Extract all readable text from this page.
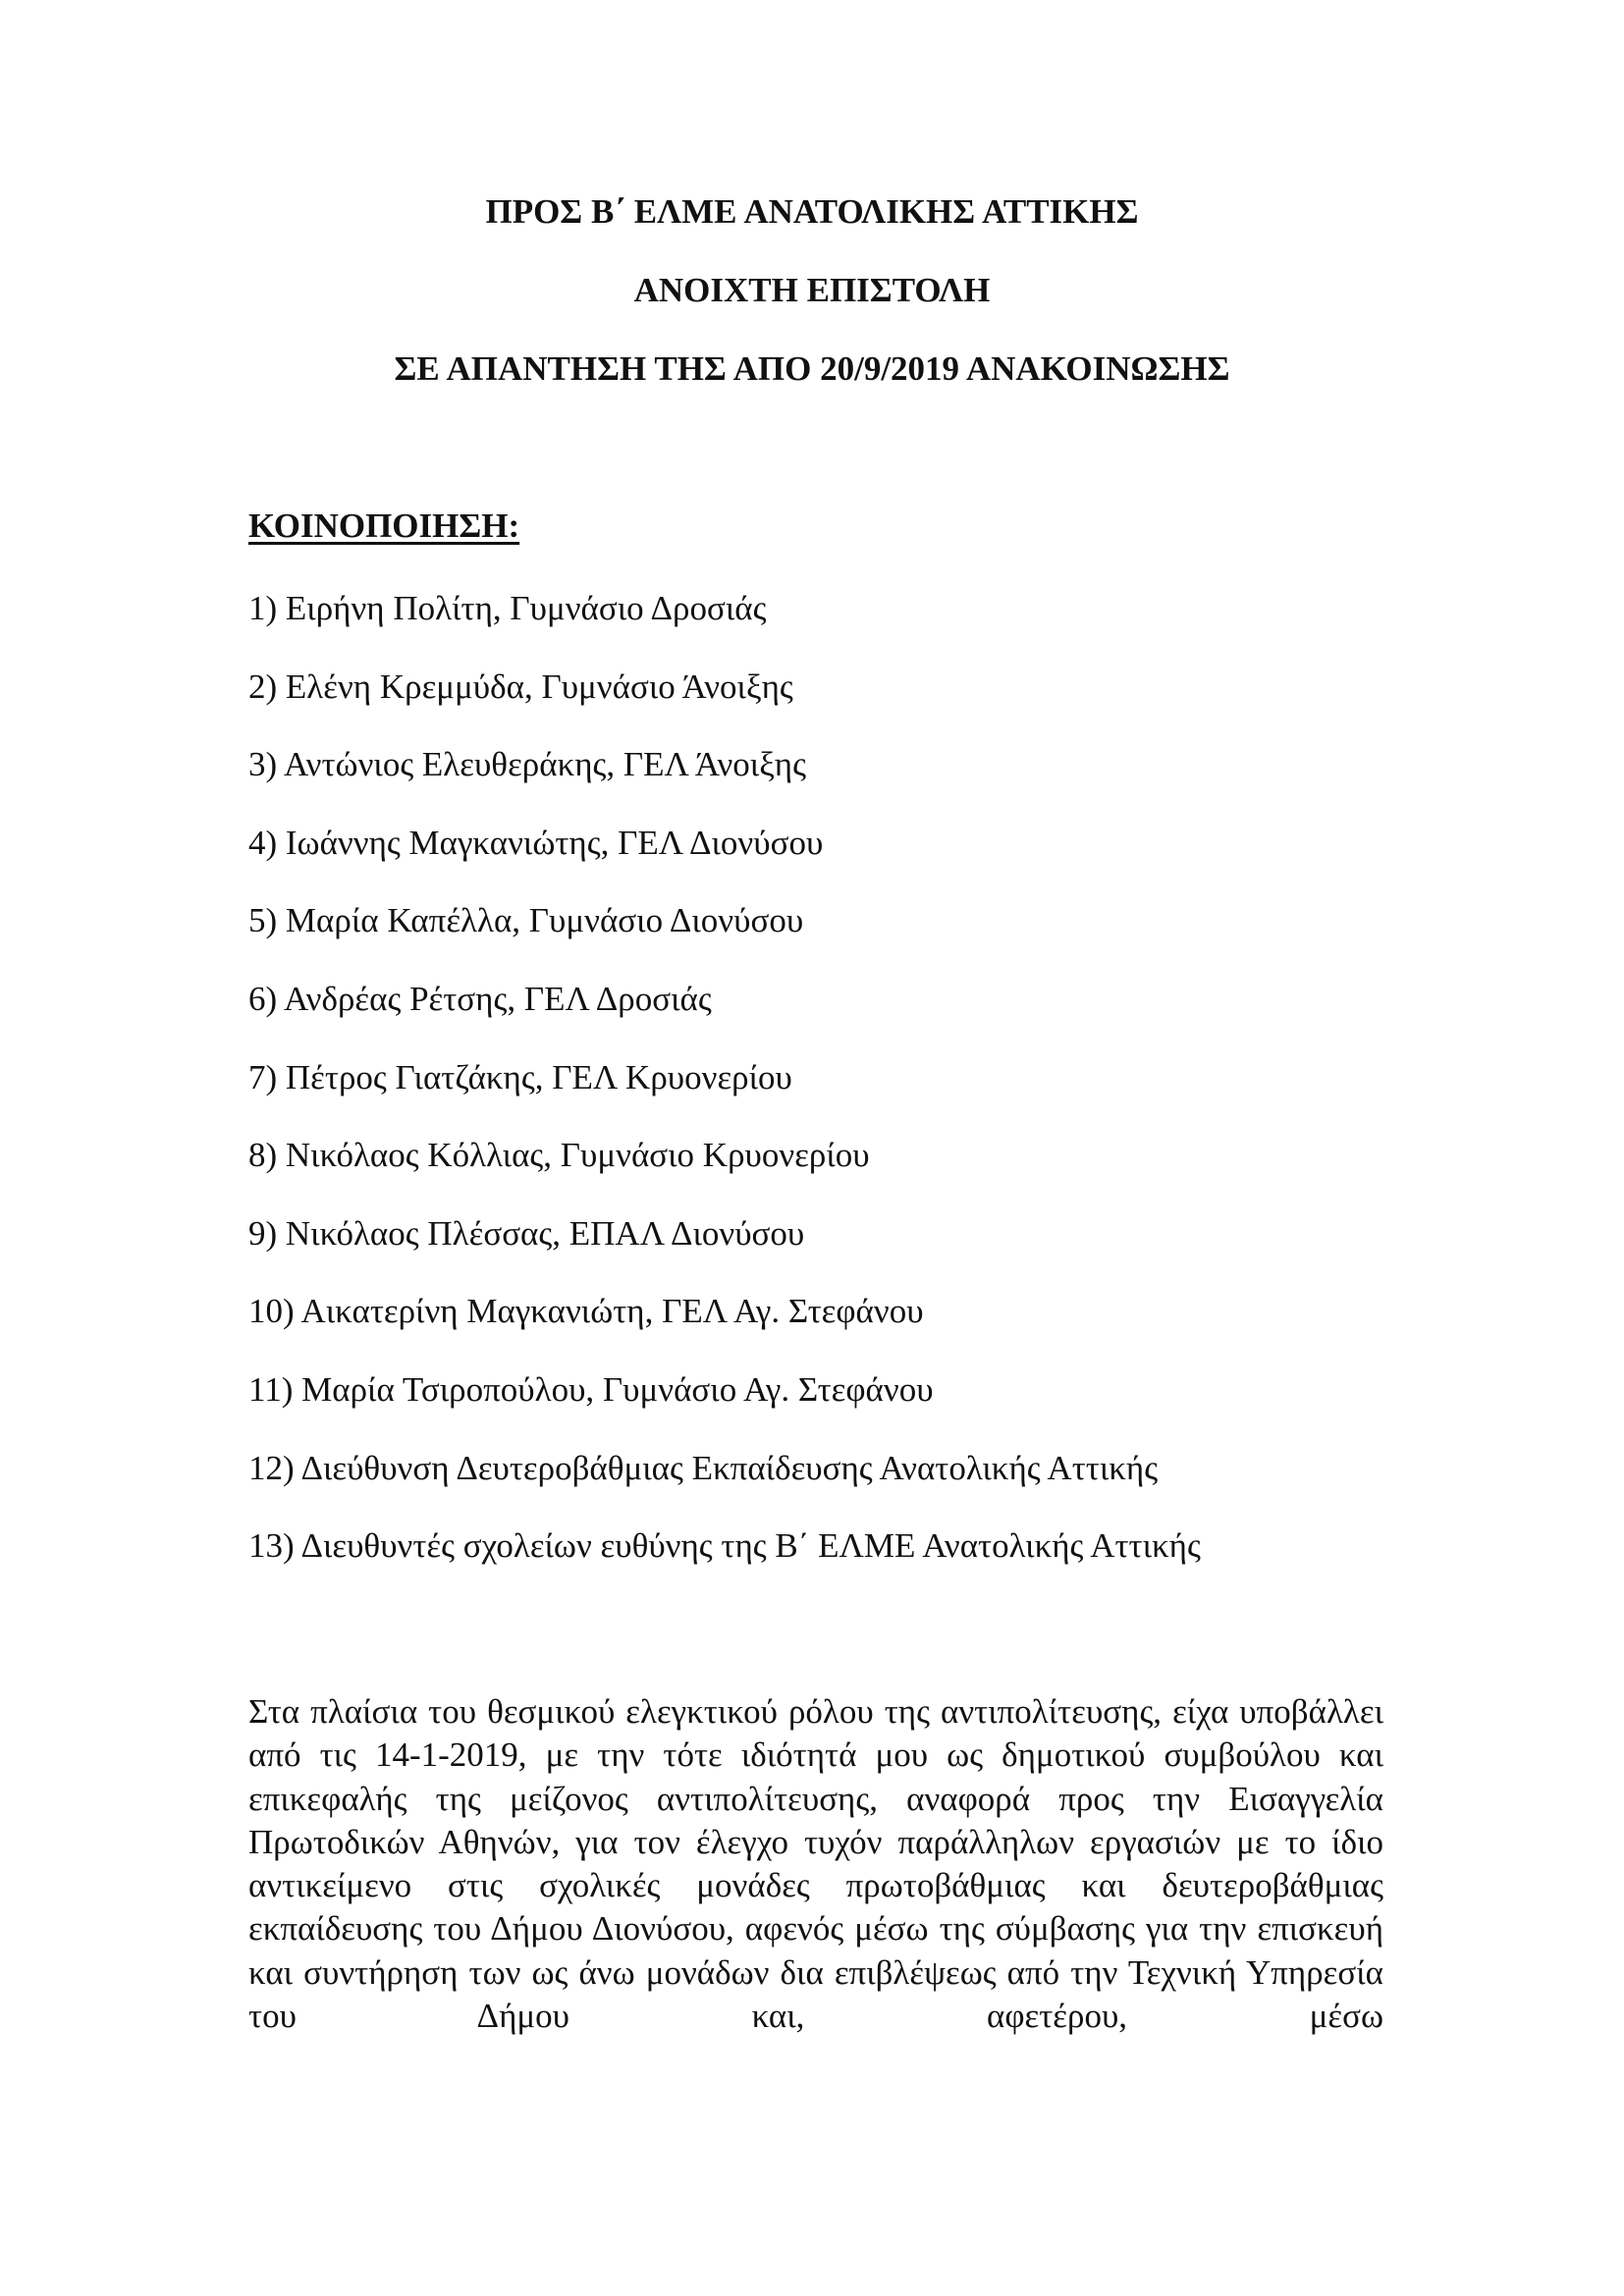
ΠΡΟΣ Β΄ ΕΛΜΕ ΑΝΑΤΟΛΙΚΗΣ ΑΤΤΙΚΗΣ
ΑΝΟΙΧΤΗ ΕΠΙΣΤΟΛΗ
ΣΕ ΑΠΑΝΤΗΣΗ ΤΗΣ ΑΠΟ 20/9/2019 ΑΝΑΚΟΙΝΩΣΗΣ
ΚΟΙΝΟΠΟΙΗΣΗ:
1) Ειρήνη Πολίτη, Γυμνάσιο Δροσιάς
2) Ελένη Κρεμμύδα, Γυμνάσιο Άνοιξης
3) Αντώνιος Ελευθεράκης, ΓΕΛ Άνοιξης
4) Ιωάννης Μαγκανιώτης, ΓΕΛ Διονύσου
5) Μαρία Καπέλλα, Γυμνάσιο Διονύσου
6) Ανδρέας Ρέτσης, ΓΕΛ Δροσιάς
7) Πέτρος Γιατζάκης, ΓΕΛ Κρυονερίου
8) Νικόλαος Κόλλιας, Γυμνάσιο Κρυονερίου
9) Νικόλαος Πλέσσας, ΕΠΑΛ Διονύσου
10) Αικατερίνη Μαγκανιώτη, ΓΕΛ Αγ. Στεφάνου
11) Μαρία Τσιροπούλου, Γυμνάσιο Αγ. Στεφάνου
12) Διεύθυνση Δευτεροβάθμιας Εκπαίδευσης Ανατολικής Αττικής
13) Διευθυντές σχολείων ευθύνης της Β΄ ΕΛΜΕ Ανατολικής Αττικής

Στα πλαίσια του θεσμικού ελεγκτικού ρόλου της αντιπολίτευσης, είχα υποβάλλει από τις 14-1-2019, με την τότε ιδιότητά μου ως δημοτικού συμβούλου και επικεφαλής της μείζονος αντιπολίτευσης, αναφορά προς την Εισαγγελία Πρωτοδικών Αθηνών, για τον έλεγχο τυχόν παράλληλων εργασιών με το ίδιο αντικείμενο στις σχολικές μονάδες πρωτοβάθμιας και δευτεροβάθμιας εκπαίδευσης του Δήμου Διονύσου, αφενός μέσω της σύμβασης για την επισκευή και συντήρηση των ως άνω μονάδων δια επιβλέψεως από την Τεχνική Υπηρεσία του Δήμου και, αφετέρου, μέσω
